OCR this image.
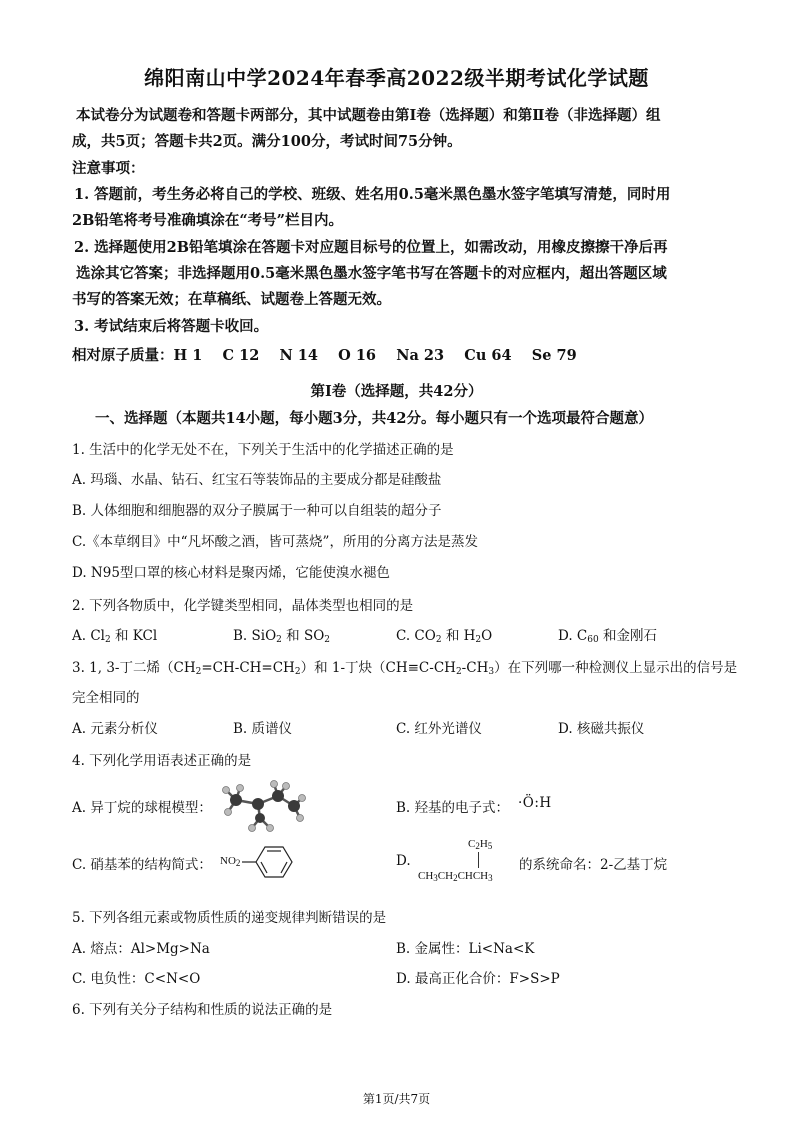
绵阳南山中学2024年春季高2022级半期考试化学试题
本试卷分为试题卷和答题卡两部分，其中试题卷由第Ⅰ卷（选择题）和第Ⅱ卷（非选择题）组
成，共5页；答题卡共2页。满分100分，考试时间75分钟。
注意事项：
1. 答题前，考生务必将自己的学校、班级、姓名用0.5毫米黑色墨水签字笔填写清楚，同时用
2B铅笔将考号准确填涂在“考号”栏目内。
2. 选择题使用2B铅笔填涂在答题卡对应题目标号的位置上，如需改动，用橡皮擦擦干净后再
选涂其它答案；非选择题用0.5毫米黑色墨水签字笔书写在答题卡的对应框内，超出答题区域
书写的答案无效；在草稿纸、试题卷上答题无效。
3. 考试结束后将答题卡收回。
相对原子质量：H 1    C 12    N 14    O 16    Na 23    Cu 64    Se 79
第Ⅰ卷（选择题，共42分）
一、选择题（本题共14小题，每小题3分，共42分。每小题只有一个选项最符合题意）
1. 生活中的化学无处不在，下列关于生活中的化学描述正确的是
A. 玛瑙、水晶、钻石、红宝石等装饰品的主要成分都是硅酸盐
B. 人体细胞和细胞器的双分子膜属于一种可以自组装的超分子
C.《本草纲目》中“凡坏酸之酒，皆可蒸烧”，所用的分离方法是蒸发
D. N95型口罩的核心材料是聚丙烯，它能使溴水褪色
2. 下列各物质中，化学键类型相同，晶体类型也相同的是
A. $Cl_2$ 和 KCl	B. SiO$_2$ 和 $SO_2$	C. $CO_2$ 和 $H_2O$	D. $C_{60}$ 和金刚石
3. 1, 3-丁二烯$(CH_2=CH-CH=CH_2)$和 1-丁炔$(CH\equiv C-CH_2-CH_3)$在下列哪一种检测仪上显示出的信号是
完全相同的
A. 元素分析仪	B. 质谱仪	C. 红外光谱仪	D. 核磁共振仪
4. 下列化学用语表述正确的是
A. 异丁烷的球棍模型：	B. 羟基的电子式： ·Ö:H
C. 硝基苯的结构简式： $NO_2$	D.
$C_2H_5$
$CH_3CH_2CHCH_3$
的系统命名：2-乙基丁烷
5. 下列各组元素或物质性质的递变规律判断错误的是
A. 熔点：Al>Mg>Na	B. 金属性：Li<Na<K
C. 电负性：C<N<O	D. 最高正化合价：F>S>P
6. 下列有关分子结构和性质的说法正确的是
第1页/共7页
